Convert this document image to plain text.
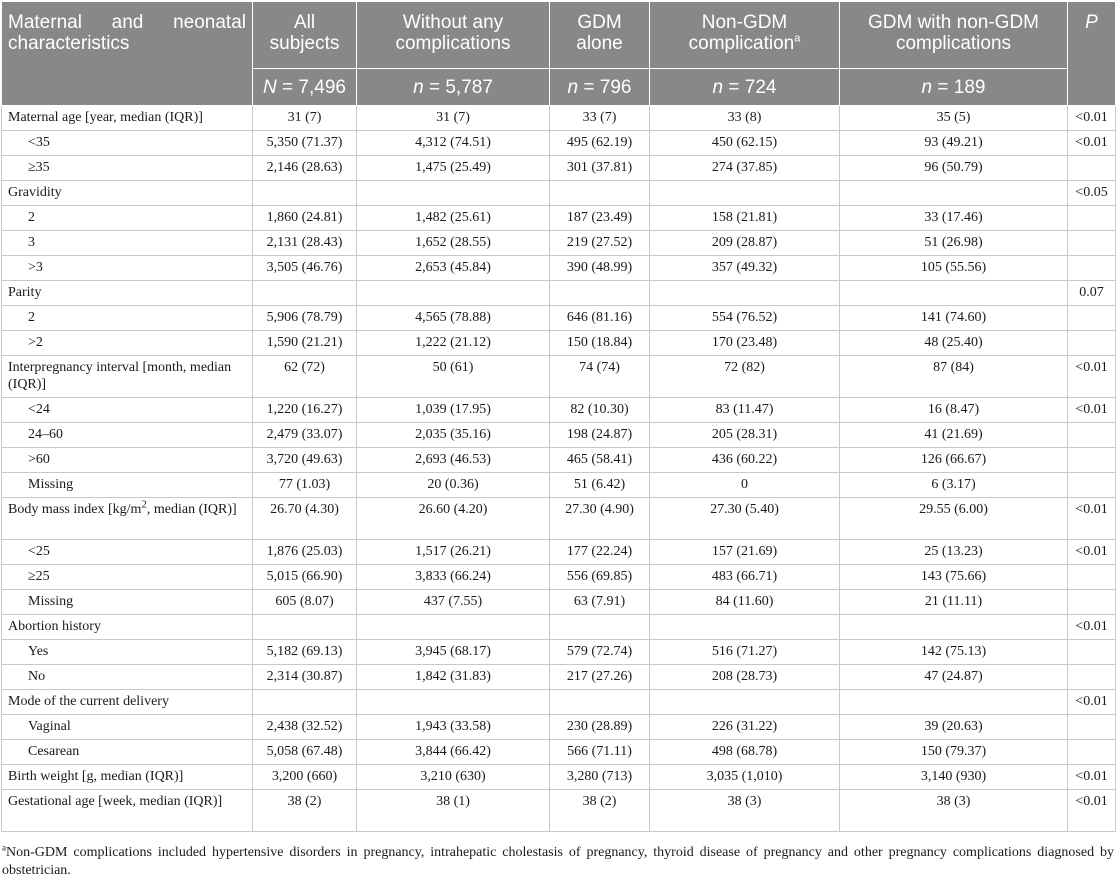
Maternal and neonatal characteristics	All subjects	Without any complications	GDM alone	Non-GDM complication$^a$	GDM with non-GDM complications	P
	N = 7,496	n = 5,787	n = 796	n = 724	n = 189	
Maternal age [year, median (IQR)]	31 (7)	31 (7)	33 (7)	33 (8)	35 (5)	<0.01
<35	5,350 (71.37)	4,312 (74.51)	495 (62.19)	450 (62.15)	93 (49.21)	<0.01
≥35	2,146 (28.63)	1,475 (25.49)	301 (37.81)	274 (37.85)	96 (50.79)	
Gravidity						<0.05
2	1,860 (24.81)	1,482 (25.61)	187 (23.49)	158 (21.81)	33 (17.46)	
3	2,131 (28.43)	1,652 (28.55)	219 (27.52)	209 (28.87)	51 (26.98)	
>3	3,505 (46.76)	2,653 (45.84)	390 (48.99)	357 (49.32)	105 (55.56)	
Parity						0.07
2	5,906 (78.79)	4,565 (78.88)	646 (81.16)	554 (76.52)	141 (74.60)	
>2	1,590 (21.21)	1,222 (21.12)	150 (18.84)	170 (23.48)	48 (25.40)	
Interpregnancy interval [month, median (IQR)]	62 (72)	50 (61)	74 (74)	72 (82)	87 (84)	<0.01
<24	1,220 (16.27)	1,039 (17.95)	82 (10.30)	83 (11.47)	16 (8.47)	<0.01
24–60	2,479 (33.07)	2,035 (35.16)	198 (24.87)	205 (28.31)	41 (21.69)	
>60	3,720 (49.63)	2,693 (46.53)	465 (58.41)	436 (60.22)	126 (66.67)	
Missing	77 (1.03)	20 (0.36)	51 (6.42)	0	6 (3.17)	
Body mass index [$kg/m^2$, median (IQR)]	26.70 (4.30)	26.60 (4.20)	27.30 (4.90)	27.30 (5.40)	29.55 (6.00)	<0.01
<25	1,876 (25.03)	1,517 (26.21)	177 (22.24)	157 (21.69)	25 (13.23)	<0.01
≥25	5,015 (66.90)	3,833 (66.24)	556 (69.85)	483 (66.71)	143 (75.66)	
Missing	605 (8.07)	437 (7.55)	63 (7.91)	84 (11.60)	21 (11.11)	
Abortion history						<0.01
Yes	5,182 (69.13)	3,945 (68.17)	579 (72.74)	516 (71.27)	142 (75.13)	
No	2,314 (30.87)	1,842 (31.83)	217 (27.26)	208 (28.73)	47 (24.87)	
Mode of the current delivery						<0.01
Vaginal	2,438 (32.52)	1,943 (33.58)	230 (28.89)	226 (31.22)	39 (20.63)	
Cesarean	5,058 (67.48)	3,844 (66.42)	566 (71.11)	498 (68.78)	150 (79.37)	
Birth weight [g, median (IQR)]	3,200 (660)	3,210 (630)	3,280 (713)	3,035 (1,010)	3,140 (930)	<0.01
Gestational age [week, median (IQR)]	38 (2)	38 (1)	38 (2)	38 (3)	38 (3)	<0.01
$^a$Non-GDM complications included hypertensive disorders in pregnancy, intrahepatic cholestasis of pregnancy, thyroid disease of pregnancy and other pregnancy complications diagnosed by obstetrician.
